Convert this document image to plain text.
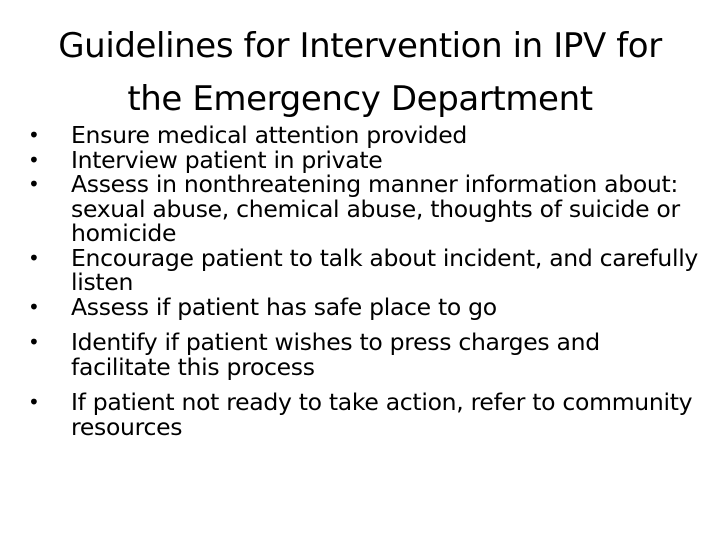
Guidelines for Intervention in IPV for
the Emergency Department
• Ensure medical attention provided
• Interview patient in private
• Assess in nonthreatening manner information about: sexual abuse, chemical abuse, thoughts of suicide or homicide
• Encourage patient to talk about incident, and carefully listen
• Assess if patient has safe place to go
• Identify if patient wishes to press charges and facilitate this process
• If patient not ready to take action, refer to community resources
